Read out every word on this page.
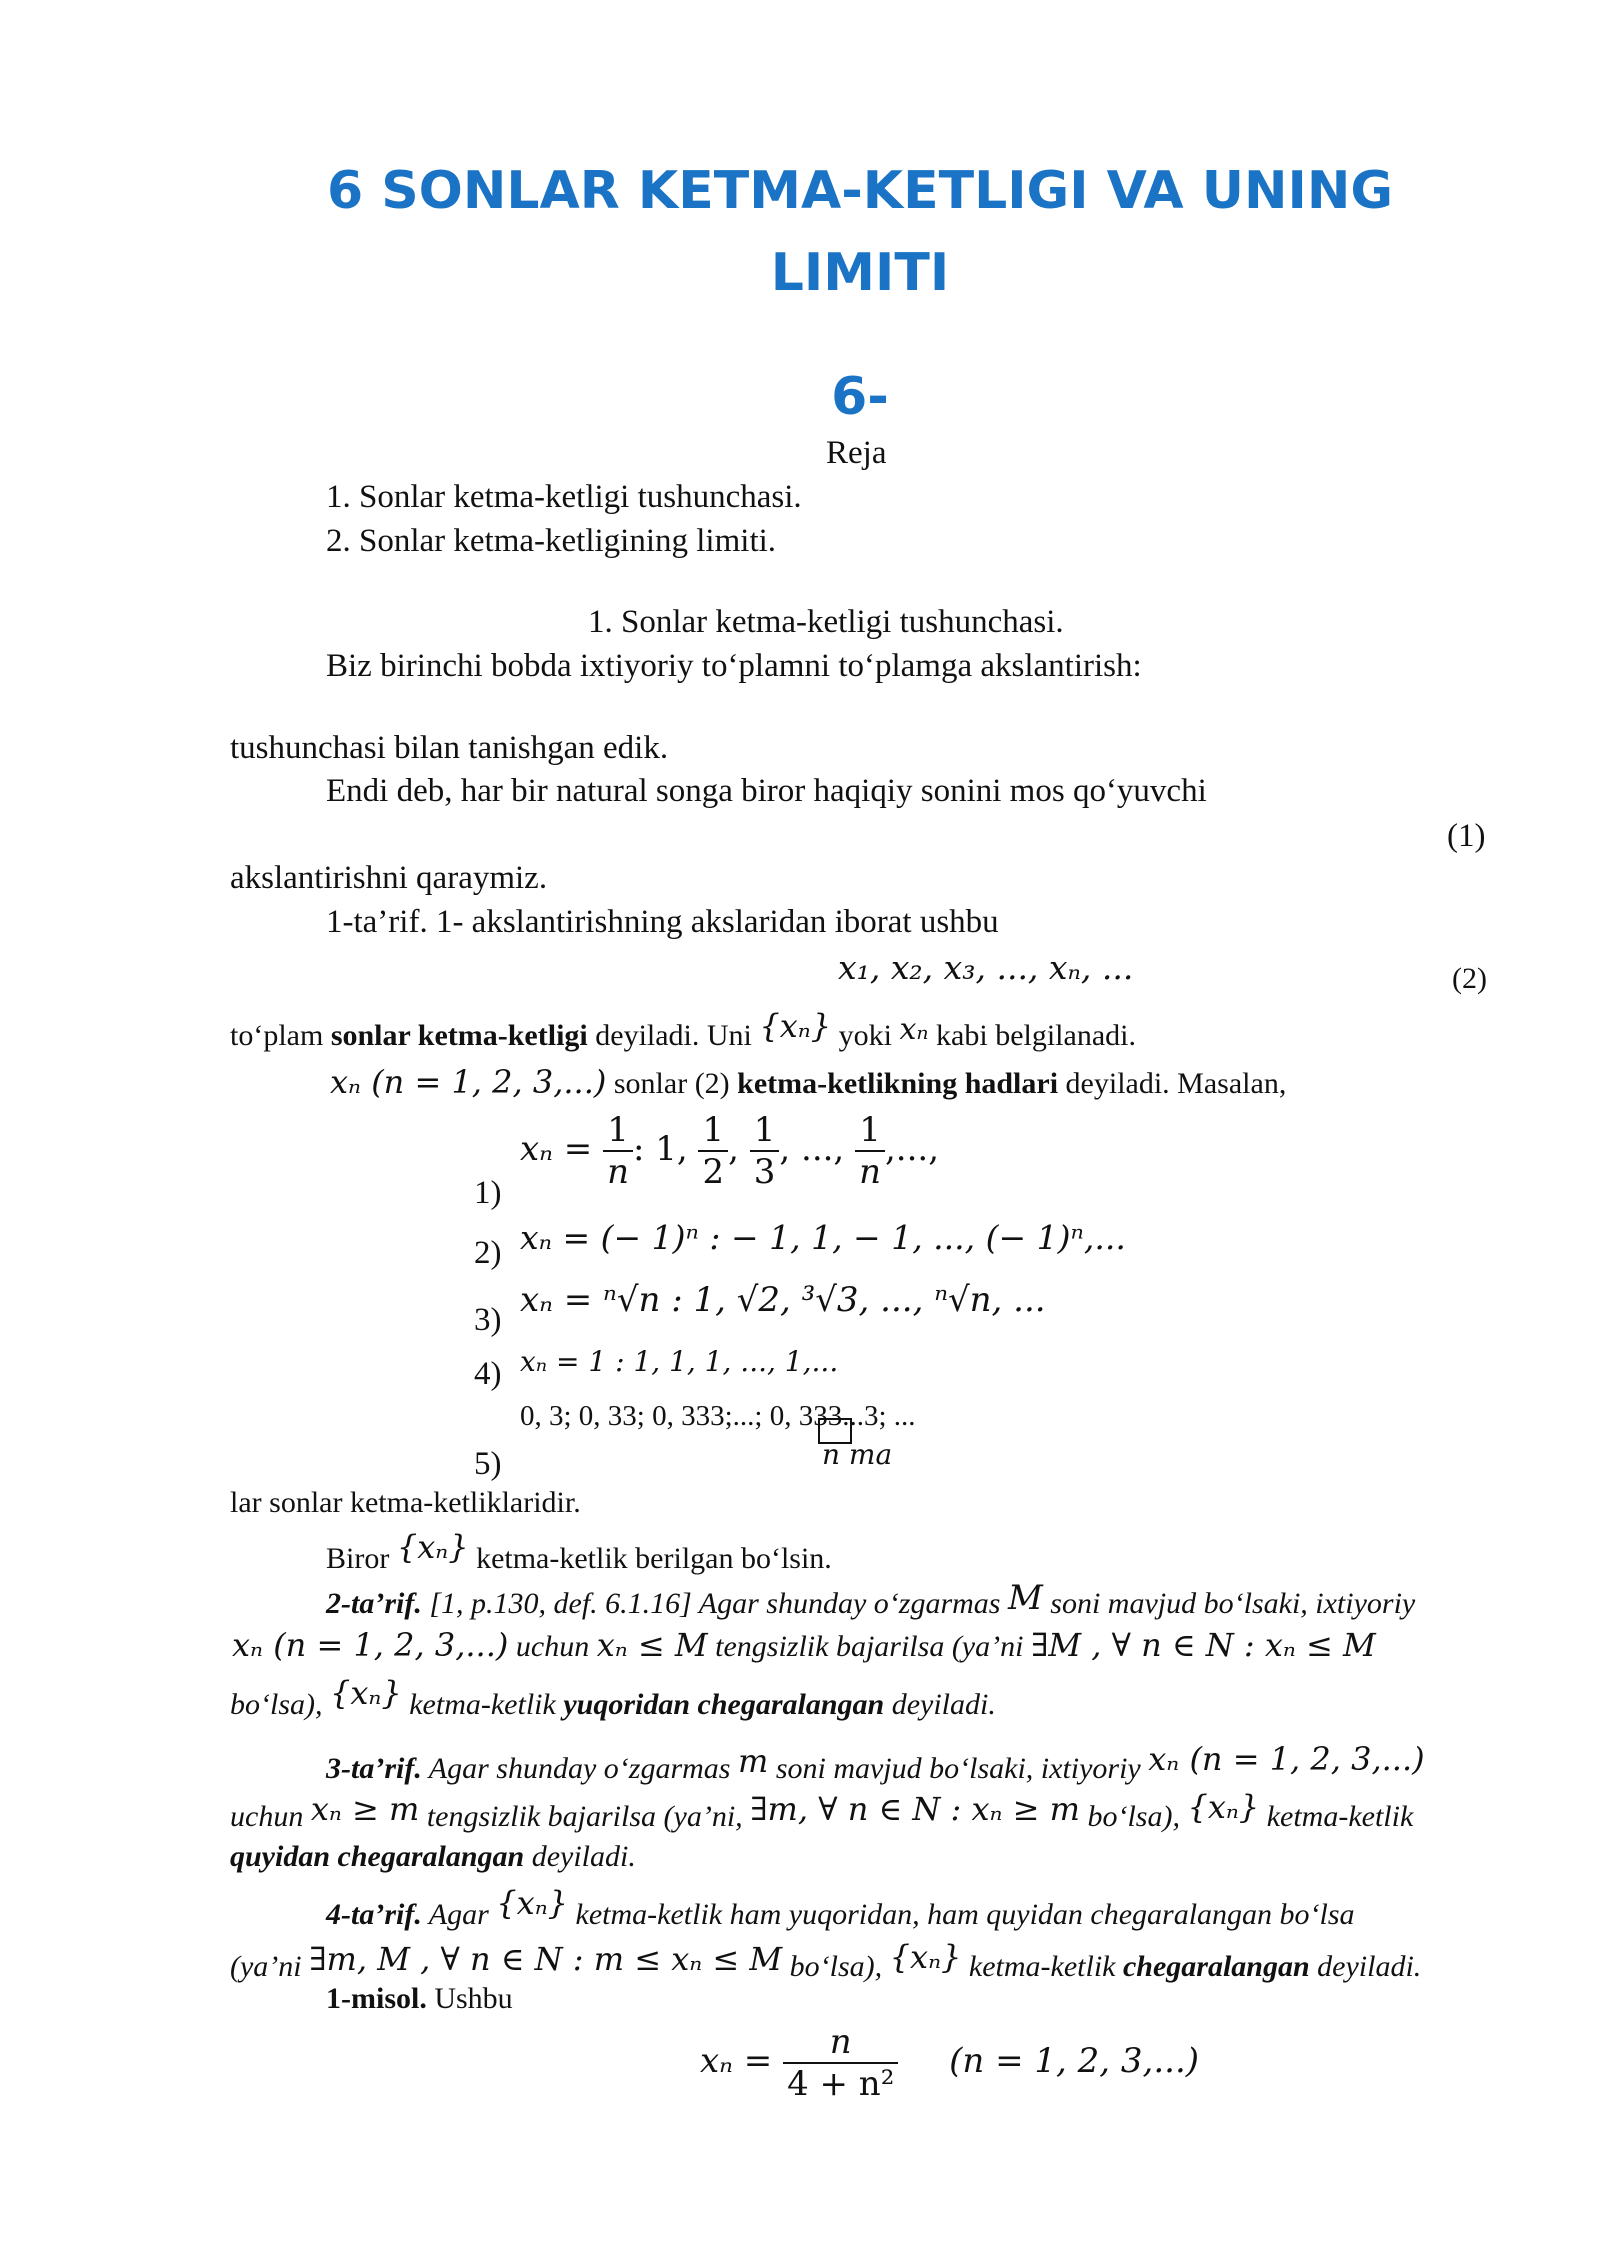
6 SONLAR KETMA-KETLIGI VA UNING
LIMITI
6-
Reja
1. Sonlar ketma-ketligi tushunchasi.
2. Sonlar ketma-ketligining limiti.
1. Sonlar ketma-ketligi tushunchasi.
Biz birinchi bobda ixtiyoriy to‘plamni to‘plamga akslantirish:
tushunchasi bilan tanishgan edik.
Endi deb, har bir natural songa biror haqiqiy sonini mos qo‘yuvchi
(1)
akslantirishni qaraymiz.
1-ta’rif. 1- akslantirishning akslaridan iborat ushbu
x₁, x₂, x₃, ..., xₙ, ...	(2)
to‘plam sonlar ketma-ketligi deyiladi. Uni {xₙ} yoki xₙ kabi belgilanadi.
xₙ (n = 1, 2, 3,...) sonlar (2) ketma-ketlikning hadlari deyiladi. Masalan,
1)
$x_n = \frac{1}{n}$ : 1, $\frac{1}{2}$ , $\frac{1}{3}$ , ..., $\frac{1}{n}$ ,...,
2) xₙ = (− 1)ⁿ : − 1, 1, − 1, ..., (− 1)ⁿ,...
3) xₙ = ⁿ√n : 1, √2, ³√3, ..., ⁿ√n, ...
4) xₙ = 1 : 1, 1, 1, ..., 1,...
0, 3; 0, 33; 0, 333;...; 0, 333...3; ...
n та
5)
lar sonlar ketma-ketliklaridir.
Biror {xₙ} ketma-ketlik berilgan bo‘lsin.
2-ta’rif. [1, p.130, def. 6.1.16] Agar shunday o‘zgarmas M soni mavjud bo‘lsaki, ixtiyoriy
xₙ (n = 1, 2, 3,...) uchun xₙ ≤ M tengsizlik bajarilsa (ya’ni ∃M , ∀ n ∈ N : xₙ ≤ M
bo‘lsa), {xₙ} ketma-ketlik yuqoridan chegaralangan deyiladi.
3-ta’rif. Agar shunday o‘zgarmas m soni mavjud bo‘lsaki, ixtiyoriy xₙ (n = 1, 2, 3,...)
uchun xₙ ≥ m tengsizlik bajarilsa (ya’ni, ∃m, ∀ n ∈ N : xₙ ≥ m bo‘lsa), {xₙ} ketma-ketlik
quyidan chegaralangan deyiladi.
4-ta’rif. Agar {xₙ} ketma-ketlik ham yuqoridan, ham quyidan chegaralangan bo‘lsa
(ya’ni ∃m, M , ∀ n ∈ N : m ≤ xₙ ≤ M bo‘lsa), {xₙ} ketma-ketlik chegaralangan deyiladi.
1-misol. Ushbu
$x_n = \frac{n}{\text{4 + n²}} (n = 1$, 2, 3,...)
